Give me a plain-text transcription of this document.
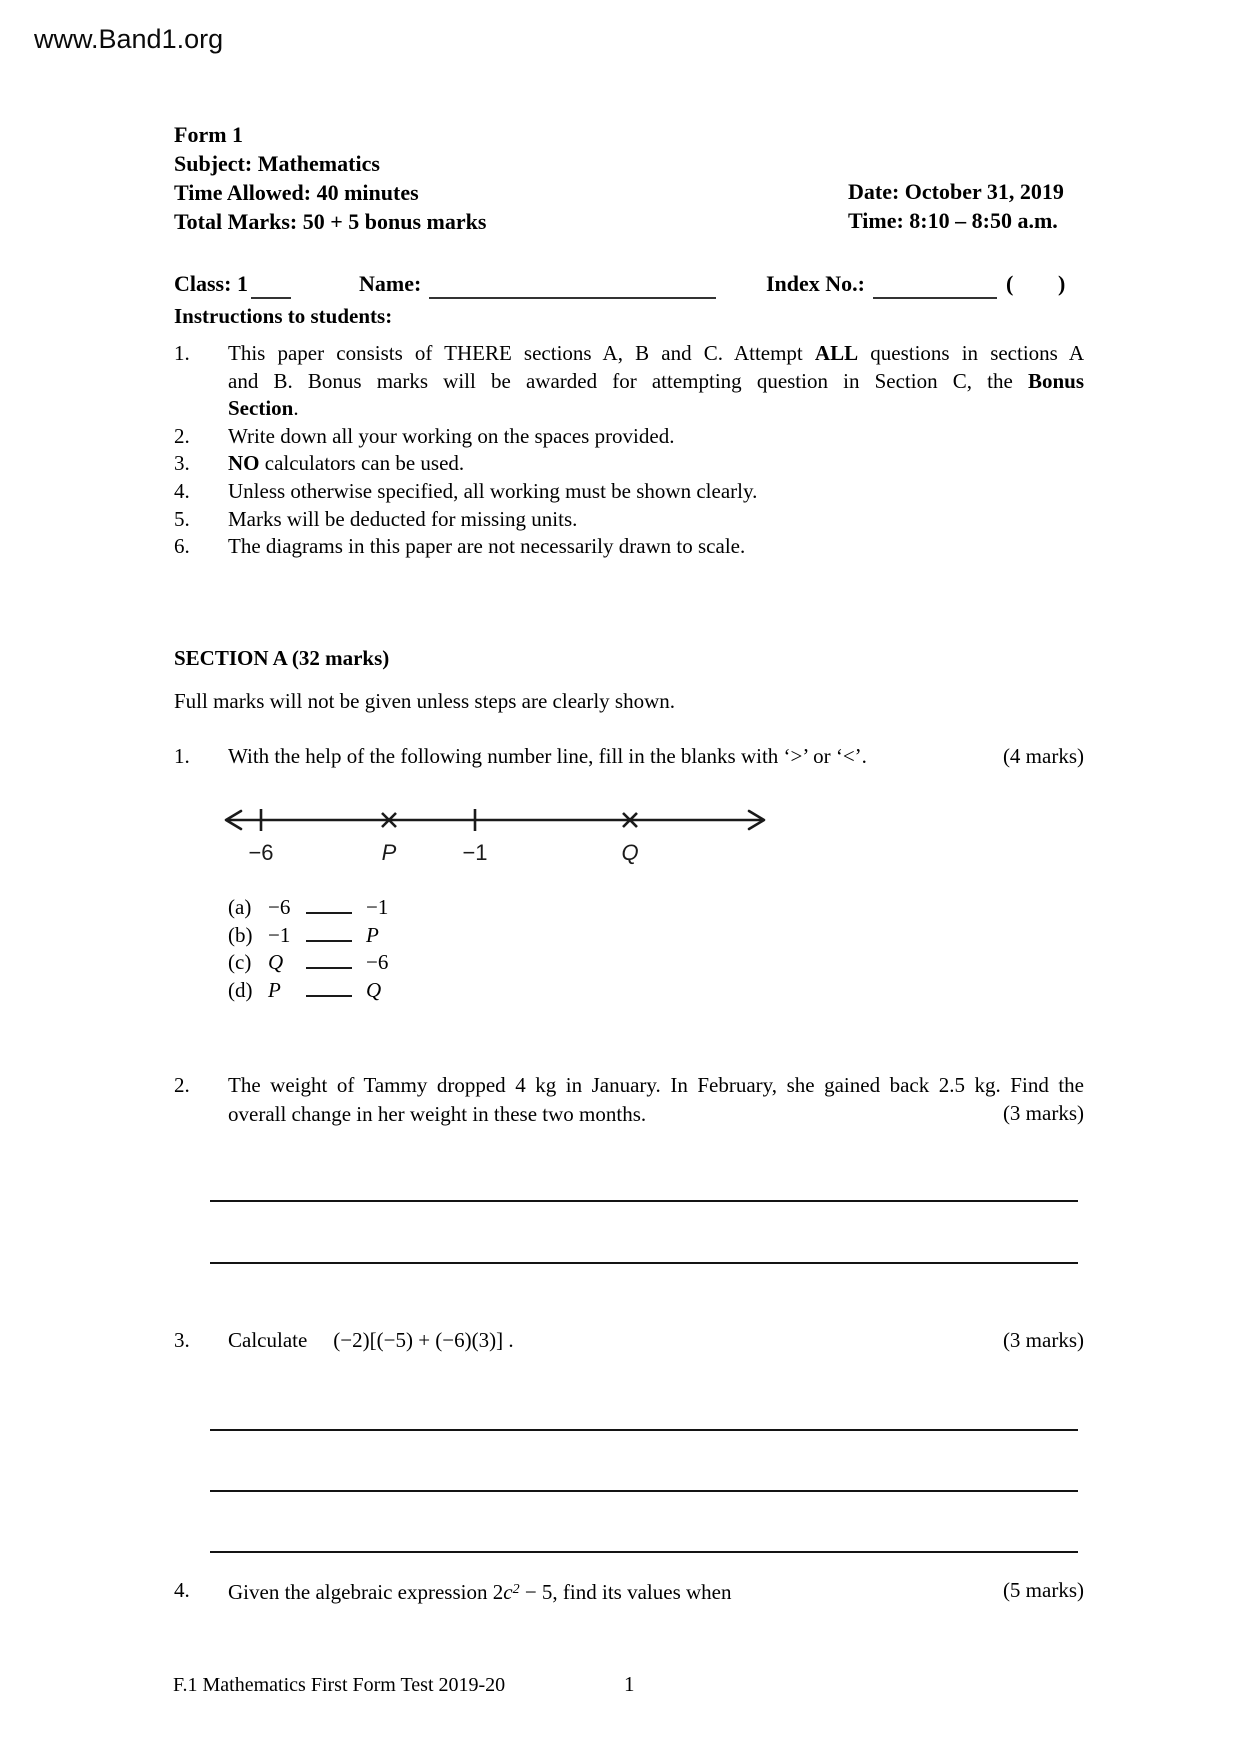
www.Band1.org
Form 1
Subject: Mathematics
Time Allowed: 40 minutes
Total Marks: 50 + 5 bonus marks
Date: October 31, 2019
Time: 8:10 – 8:50 a.m.
Class: 1	Name:	Index No.:	( )
Instructions to students:
1.	This paper consists of THERE sections A, B and C. Attempt ALL questions in sections A
and B. Bonus marks will be awarded for attempting question in Section C, the Bonus
Section.
2.	Write down all your working on the spaces provided.
3.	NO calculators can be used.
4.	Unless otherwise specified, all working must be shown clearly.
5.	Marks will be deducted for missing units.
6.	The diagrams in this paper are not necessarily drawn to scale.
SECTION A (32 marks)
Full marks will not be given unless steps are clearly shown.
1.	With the help of the following number line, fill in the blanks with ‘>’ or ‘<’.	(4 marks)
−6	P	−1	Q
(a) −6	−1
(b) −1	P
(c) Q	−6
(d) P	Q
2.	The weight of Tammy dropped 4 kg in January. In February, she gained back 2.5 kg. Find the
overall change in her weight in these two months.	(3 marks)
3.	Calculate (−2)[(−5) + (−6)(3)] .	(3 marks)
4.	Given the algebraic expression $2c^2 - 5$, find its values when	(5 marks)
F.1 Mathematics First Form Test 2019-20	1
